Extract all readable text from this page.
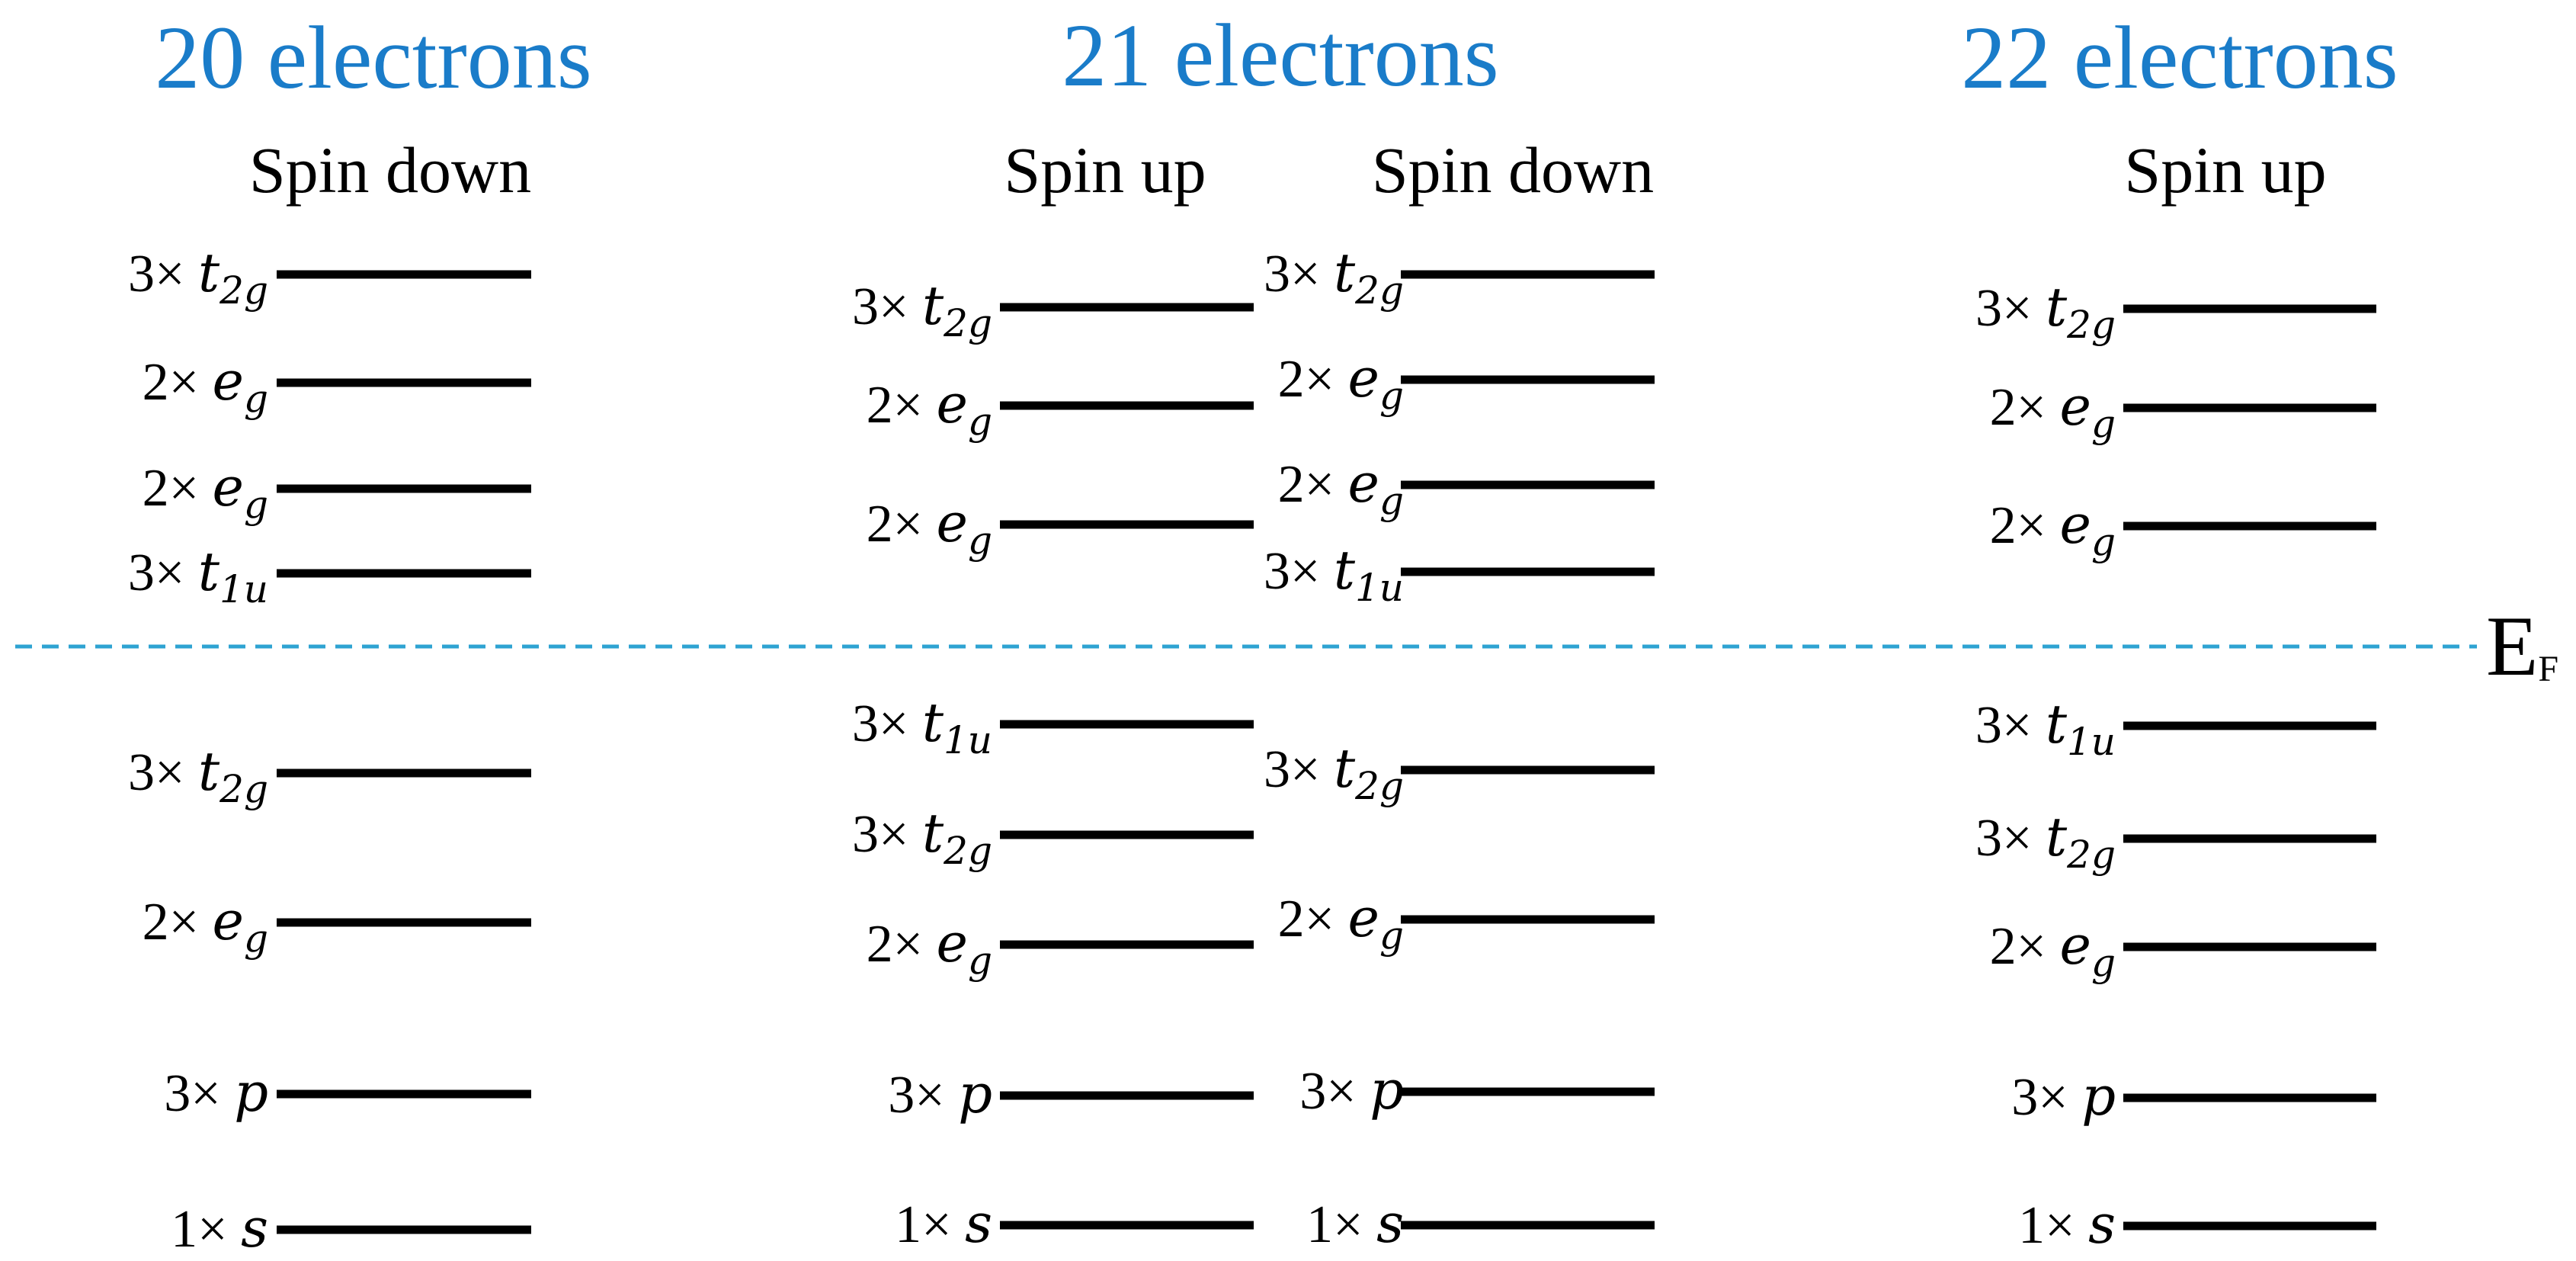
20 electrons	21 electrons	22 electrons
Spin down	Spin up	Spin down	Spin up
EF
3× t2g
2× eg
2× eg
3× t1u
3× t2g
2× eg
3× p
1× s
3× t2g
2× eg
2× eg
3× t1u
3× t2g
2× eg
3× p
1× s
3× t2g
2× eg
2× eg
3× t1u
3× t2g
2× eg
3× p
1× s
3× t2g
2× eg
2× eg
3× t1u
3× t2g
2× eg
3× p
1× s
